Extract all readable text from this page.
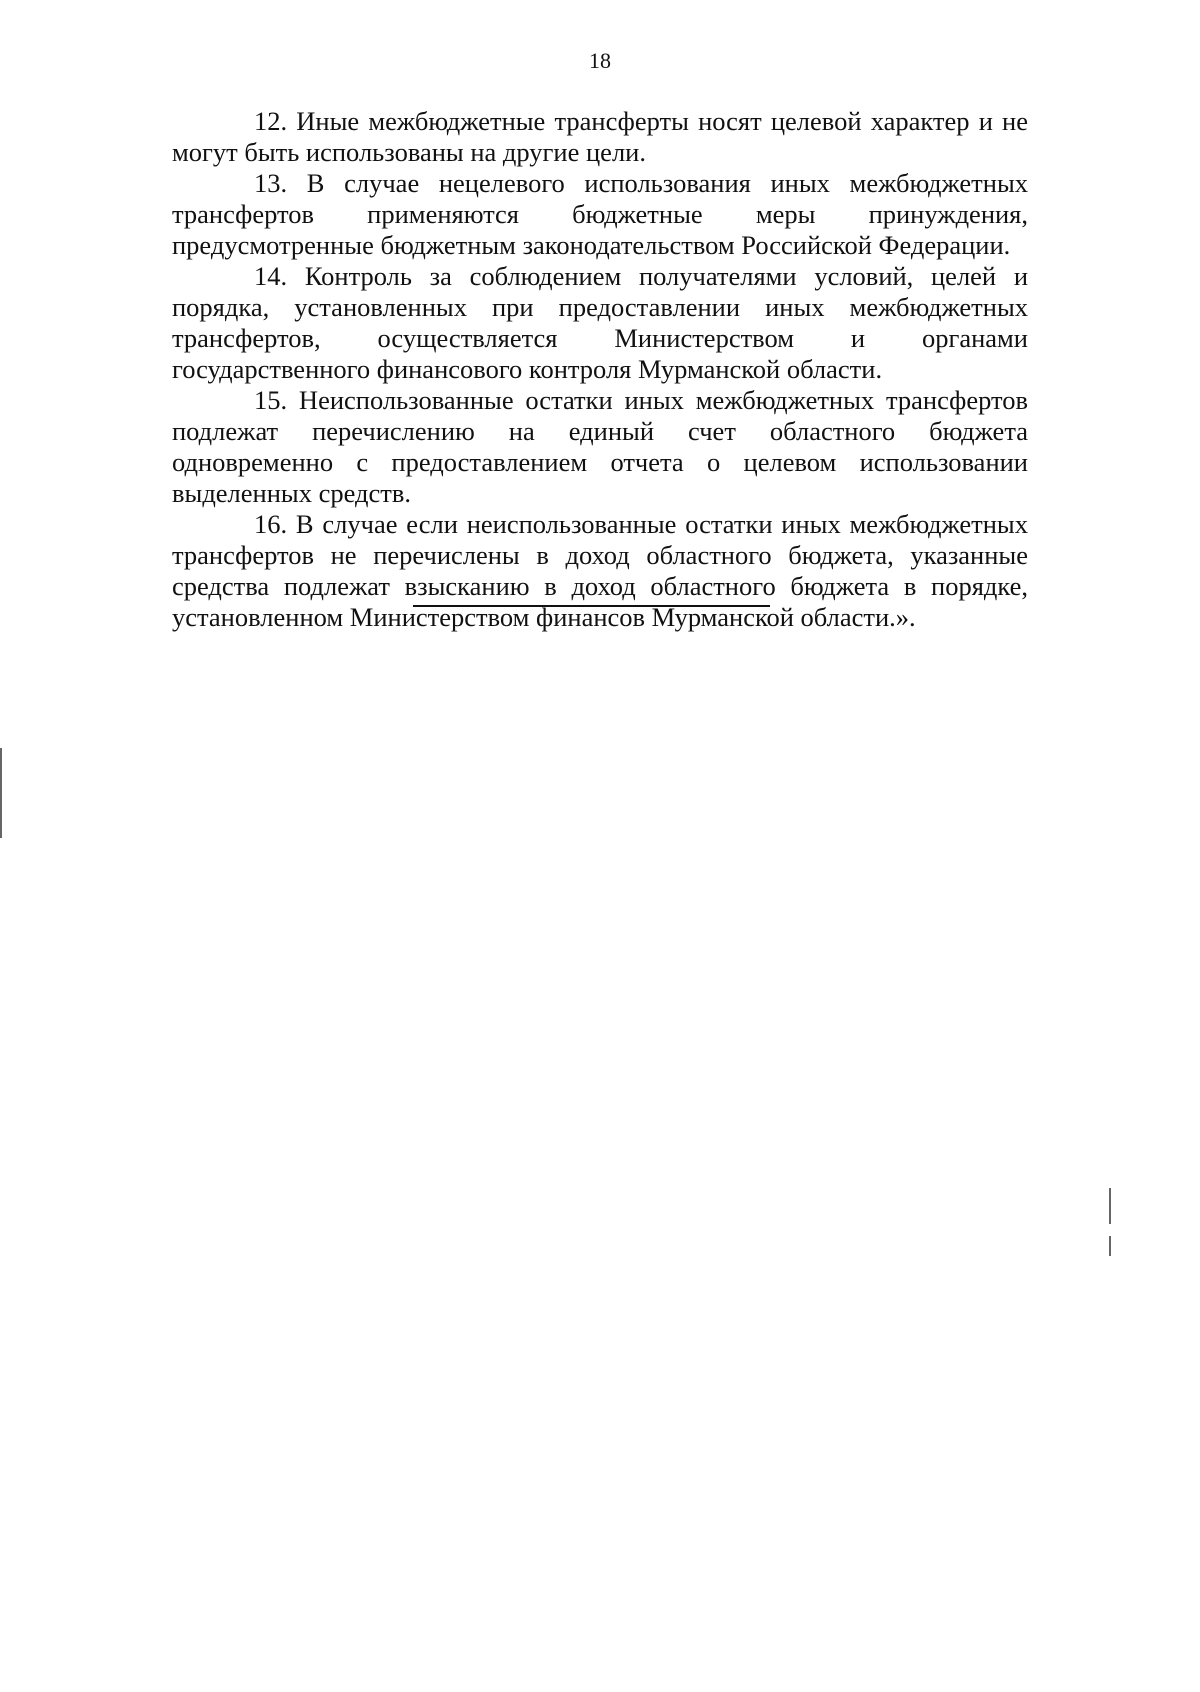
18

12. Иные межбюджетные трансферты носят целевой характер и не могут быть использованы на другие цели.

13. В случае нецелевого использования иных межбюджетных трансфертов применяются бюджетные меры принуждения, предусмотренные бюджетным законодательством Российской Федерации.

14. Контроль за соблюдением получателями условий, целей и порядка, установленных при предоставлении иных межбюджетных трансфертов, осуществляется Министерством и органами государственного финансового контроля Мурманской области.

15. Неиспользованные остатки иных межбюджетных трансфертов подлежат перечислению на единый счет областного бюджета одновременно с предоставлением отчета о целевом использовании выделенных средств.

16. В случае если неиспользованные остатки иных межбюджетных трансфертов не перечислены в доход областного бюджета, указанные средства подлежат взысканию в доход областного бюджета в порядке, установленном Министерством финансов Мурманской области.».
